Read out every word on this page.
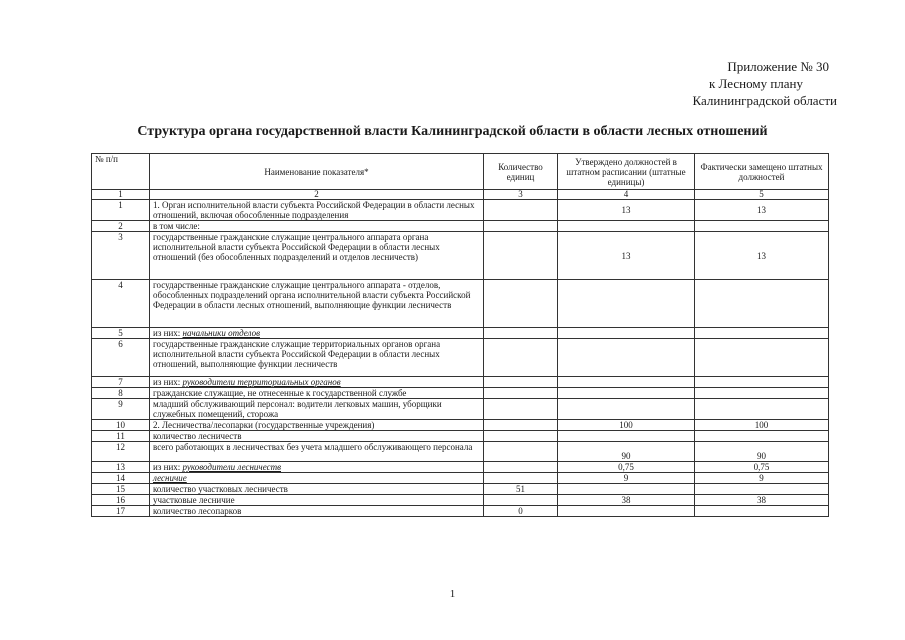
Приложение № 30
к Лесному плану
Калининградской области
Структура органа государственной власти Калининградской области в области лесных отношений
№ п/п	Наименование показателя*	Количество единиц	Утверждено должностей в штатном расписании (штатные единицы)	Фактически замещено штатных должностей
1	2	3	4	5
1	1. Орган исполнительной власти субъекта Российской Федерации в области лесных отношений, включая обособленные подразделения		13	13
2	в том числе:			
3	государственные гражданские служащие центрального аппарата органа исполнительной власти субъекта Российской Федерации в области лесных отношений (без обособленных подразделений и отделов лесничеств)		13	13
4	государственные гражданские служащие центрального аппарата - отделов, обособленных подразделений органа исполнительной власти субъекта Российской Федерации в области лесных отношений, выполняющие функции лесничеств			
5	из них: начальники отделов			
6	государственные гражданские служащие территориальных органов органа исполнительной власти субъекта Российской Федерации в области лесных отношений, выполняющие функции лесничеств			
7	из них: руководители территориальных органов			
8	гражданские служащие, не отнесенные к государственной службе			
9	младший обслуживающий персонал: водители легковых машин, уборщики служебных помещений, сторожа			
10	2. Лесничества/лесопарки (государственные учреждения)		100	100
11	количество лесничеств			
12	всего работающих в лесничествах без учета младшего обслуживающего персонала		90	90
13	из них: руководители лесничеств		0,75	0,75
14	лесничие		9	9
15	количество участковых лесничеств	51		
16	участковые лесничие		38	38
17	количество лесопарков	0		
1
